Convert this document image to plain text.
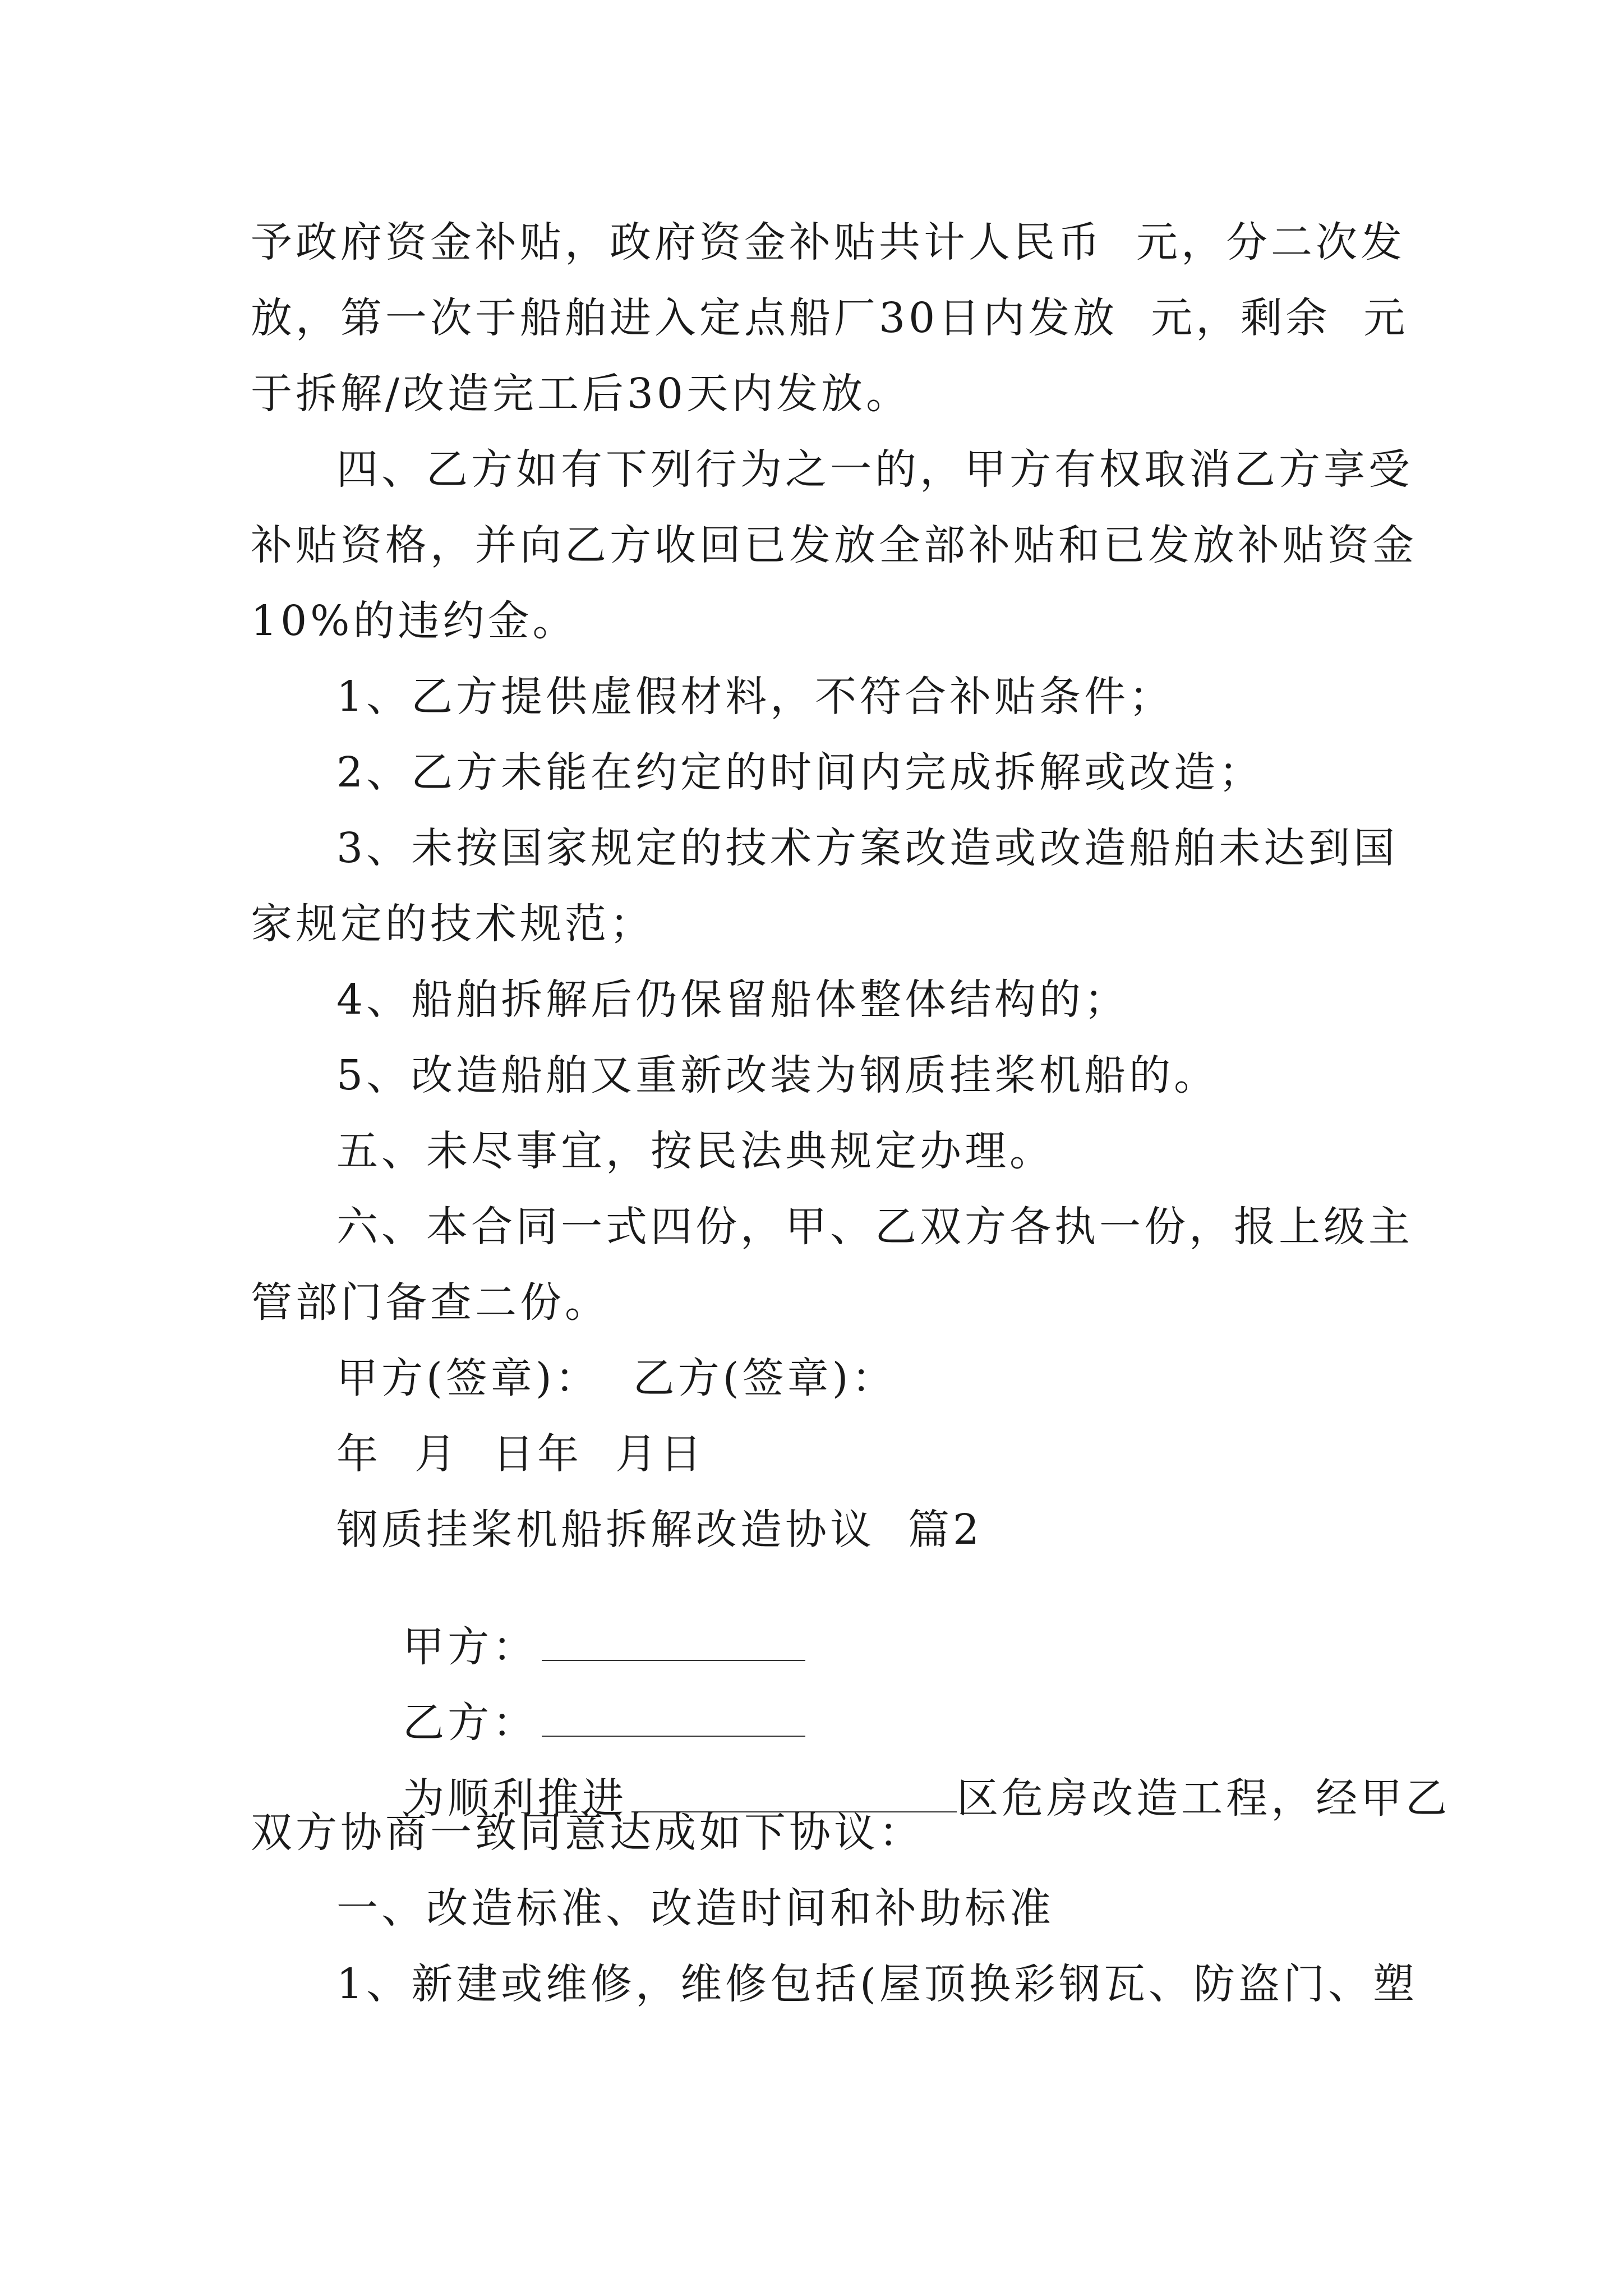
予政府资金补贴，政府资金补贴共计人民币  元，分二次发
放，第一次于船舶进入定点船厂30日内发放  元，剩余  元
于拆解/改造完工后30天内发放。
四、乙方如有下列行为之一的，甲方有权取消乙方享受
补贴资格，并向乙方收回已发放全部补贴和已发放补贴资金
10%的违约金。
1、乙方提供虚假材料，不符合补贴条件；
2、乙方未能在约定的时间内完成拆解或改造；
3、未按国家规定的技术方案改造或改造船舶未达到国
家规定的技术规范；
4、船舶拆解后仍保留船体整体结构的；
5、改造船舶又重新改装为钢质挂桨机船的。
五、未尽事宜，按民法典规定办理。
六、本合同一式四份，甲、乙双方各执一份，报上级主
管部门备查二份。
甲方(签章)：  乙方(签章)：
年  月  日年  月日
钢质挂桨机船拆解改造协议  篇2

甲方：

乙方：

为顺利推进	区危房改造工程，经甲乙

双方协商一致同意达成如下协议：
一、改造标准、改造时间和补助标准
1、新建或维修，维修包括(屋顶换彩钢瓦、防盗门、塑
